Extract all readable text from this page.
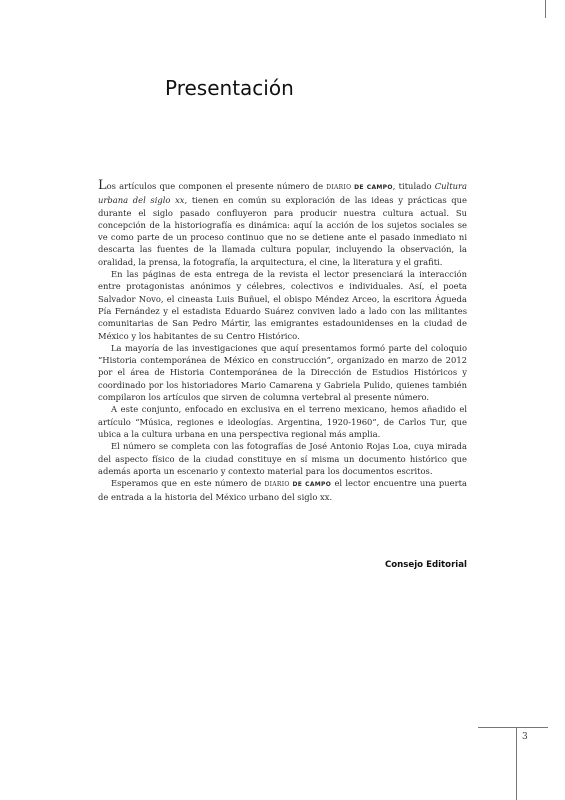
Presentación

Los artículos que componen el presente número de DIARIO DE CAMPO, titulado Cultura urbana del siglo xx, tienen en común su exploración de las ideas y prácticas que durante el siglo pasado confluyeron para producir nuestra cultura actual. Su concepción de la historiografía es dinámica: aquí la acción de los sujetos sociales se ve como parte de un proceso continuo que no se detiene ante el pasado inmediato ni descarta las fuentes de la llamada cultura popular, incluyendo la observación, la oralidad, la prensa, la fotografía, la arquitectura, el cine, la literatura y el grafiti.

En las páginas de esta entrega de la revista el lector presenciará la interacción entre protagonistas anónimos y célebres, colectivos e individuales. Así, el poeta Salvador Novo, el cineasta Luis Buñuel, el obispo Méndez Arceo, la escritora Águeda Pía Fernández y el estadista Eduardo Suárez conviven lado a lado con las militantes comunitarias de San Pedro Mártir, las emigrantes estadounidenses en la ciudad de México y los habitantes de su Centro Histórico.

La mayoría de las investigaciones que aquí presentamos formó parte del coloquio “Historia contemporánea de México en construcción”, organizado en marzo de 2012 por el área de Historia Contemporánea de la Dirección de Estudios Históricos y coordinado por los historiadores Mario Camarena y Gabriela Pulido, quienes también compilaron los artículos que sirven de columna vertebral al presente número.

A este conjunto, enfocado en exclusiva en el terreno mexicano, hemos añadido el artículo “Música, regiones e ideologías. Argentina, 1920-1960”, de Carlos Tur, que ubica a la cultura urbana en una perspectiva regional más amplia.

El número se completa con las fotografías de José Antonio Rojas Loa, cuya mirada del aspecto físico de la ciudad constituye en sí misma un documento histórico que además aporta un escenario y contexto material para los documentos escritos.

Esperamos que en este número de DIARIO DE CAMPO el lector encuentre una puerta de entrada a la historia del México urbano del siglo xx.

Consejo Editorial
3
